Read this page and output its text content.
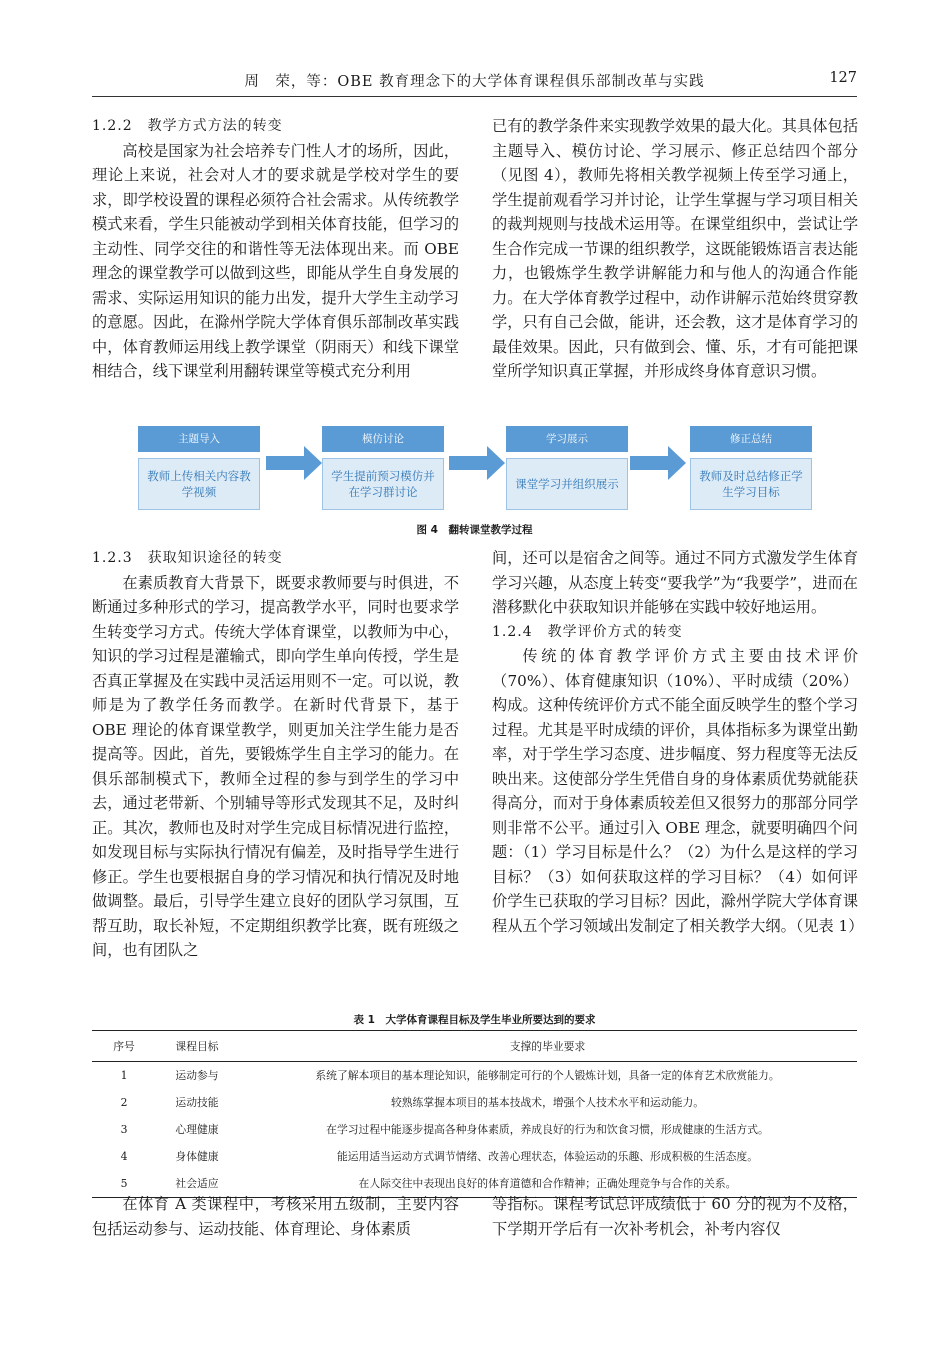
周　荣，等：OBE 教育理念下的大学体育课程俱乐部制改革与实践	127
1.2.2　教学方式方法的转变

高校是国家为社会培养专门性人才的场所，因此，理论上来说，社会对人才的要求就是学校对学生的要求，即学校设置的课程必须符合社会需求。从传统教学模式来看，学生只能被动学到相关体育技能，但学习的主动性、同学交往的和谐性等无法体现出来。而 OBE 理念的课堂教学可以做到这些，即能从学生自身发展的需求、实际运用知识的能力出发，提升大学生主动学习的意愿。因此，在滁州学院大学体育俱乐部制改革实践中，体育教师运用线上教学课堂（阴雨天）和线下课堂相结合，线下课堂利用翻转课堂等模式充分利用

已有的教学条件来实现教学效果的最大化。其具体包括主题导入、模仿讨论、学习展示、修正总结四个部分（见图 4），教师先将相关教学视频上传至学习通上，学生提前观看学习并讨论，让学生掌握与学习项目相关的裁判规则与技战术运用等。在课堂组织中，尝试让学生合作完成一节课的组织教学，这既能锻炼语言表达能力，也锻炼学生教学讲解能力和与他人的沟通合作能力。在大学体育教学过程中，动作讲解示范始终贯穿教学，只有自己会做，能讲，还会教，这才是体育学习的最佳效果。因此，只有做到会、懂、乐，才有可能把课堂所学知识真正掌握，并形成终身体育意识习惯。

主题导入
教师上传相关内容教学视频
模仿讨论
学生提前预习模仿并在学习群讨论
学习展示
课堂学习并组织展示
修正总结
教师及时总结修正学生学习目标
图 4　翻转课堂教学过程
1.2.3　获取知识途径的转变

在素质教育大背景下，既要求教师要与时俱进，不断通过多种形式的学习，提高教学水平，同时也要求学生转变学习方式。传统大学体育课堂，以教师为中心，知识的学习过程是灌输式，即向学生单向传授，学生是否真正掌握及在实践中灵活运用则不一定。可以说，教师是为了教学任务而教学。在新时代背景下，基于 OBE 理论的体育课堂教学，则更加关注学生能力是否提高等。因此，首先，要锻炼学生自主学习的能力。在俱乐部制模式下，教师全过程的参与到学生的学习中去，通过老带新、个别辅导等形式发现其不足，及时纠正。其次，教师也及时对学生完成目标情况进行监控，如发现目标与实际执行情况有偏差，及时指导学生进行修正。学生也要根据自身的学习情况和执行情况及时地做调整。最后，引导学生建立良好的团队学习氛围，互帮互助，取长补短，不定期组织教学比赛，既有班级之间，也有团队之

间，还可以是宿舍之间等。通过不同方式激发学生体育学习兴趣，从态度上转变“要我学”为“我要学”，进而在潜移默化中获取知识并能够在实践中较好地运用。

1.2.4　教学评价方式的转变

传统的体育教学评价方式主要由技术评价（70%）、体育健康知识（10%）、平时成绩（20%）构成。这种传统评价方式不能全面反映学生的整个学习过程。尤其是平时成绩的评价，具体指标多为课堂出勤率，对于学生学习态度、进步幅度、努力程度等无法反映出来。这使部分学生凭借自身的身体素质优势就能获得高分，而对于身体素质较差但又很努力的那部分同学则非常不公平。通过引入 OBE 理念，就要明确四个问题：（1）学习目标是什么？（2）为什么是这样的学习目标？（3）如何获取这样的学习目标？（4）如何评价学生已获取的学习目标？因此，滁州学院大学体育课程从五个学习领域出发制定了相关教学大纲。（见表 1）

表 1　大学体育课程目标及学生毕业所要达到的要求
序号	课程目标	支撑的毕业要求
1	运动参与	系统了解本项目的基本理论知识，能够制定可行的个人锻炼计划，具备一定的体育艺术欣赏能力。
2	运动技能	较熟练掌握本项目的基本技战术，增强个人技术水平和运动能力。
3	心理健康	在学习过程中能逐步提高各种身体素质，养成良好的行为和饮食习惯，形成健康的生活方式。
4	身体健康	能运用适当运动方式调节情绪、改善心理状态，体验运动的乐趣、形成积极的生活态度。
5	社会适应	在人际交往中表现出良好的体育道德和合作精神；正确处理竞争与合作的关系。

在体育 A 类课程中，考核采用五级制，主要内容包括运动参与、运动技能、体育理论、身体素质

等指标。课程考试总评成绩低于 60 分的视为不及格，下学期开学后有一次补考机会，补考内容仅
